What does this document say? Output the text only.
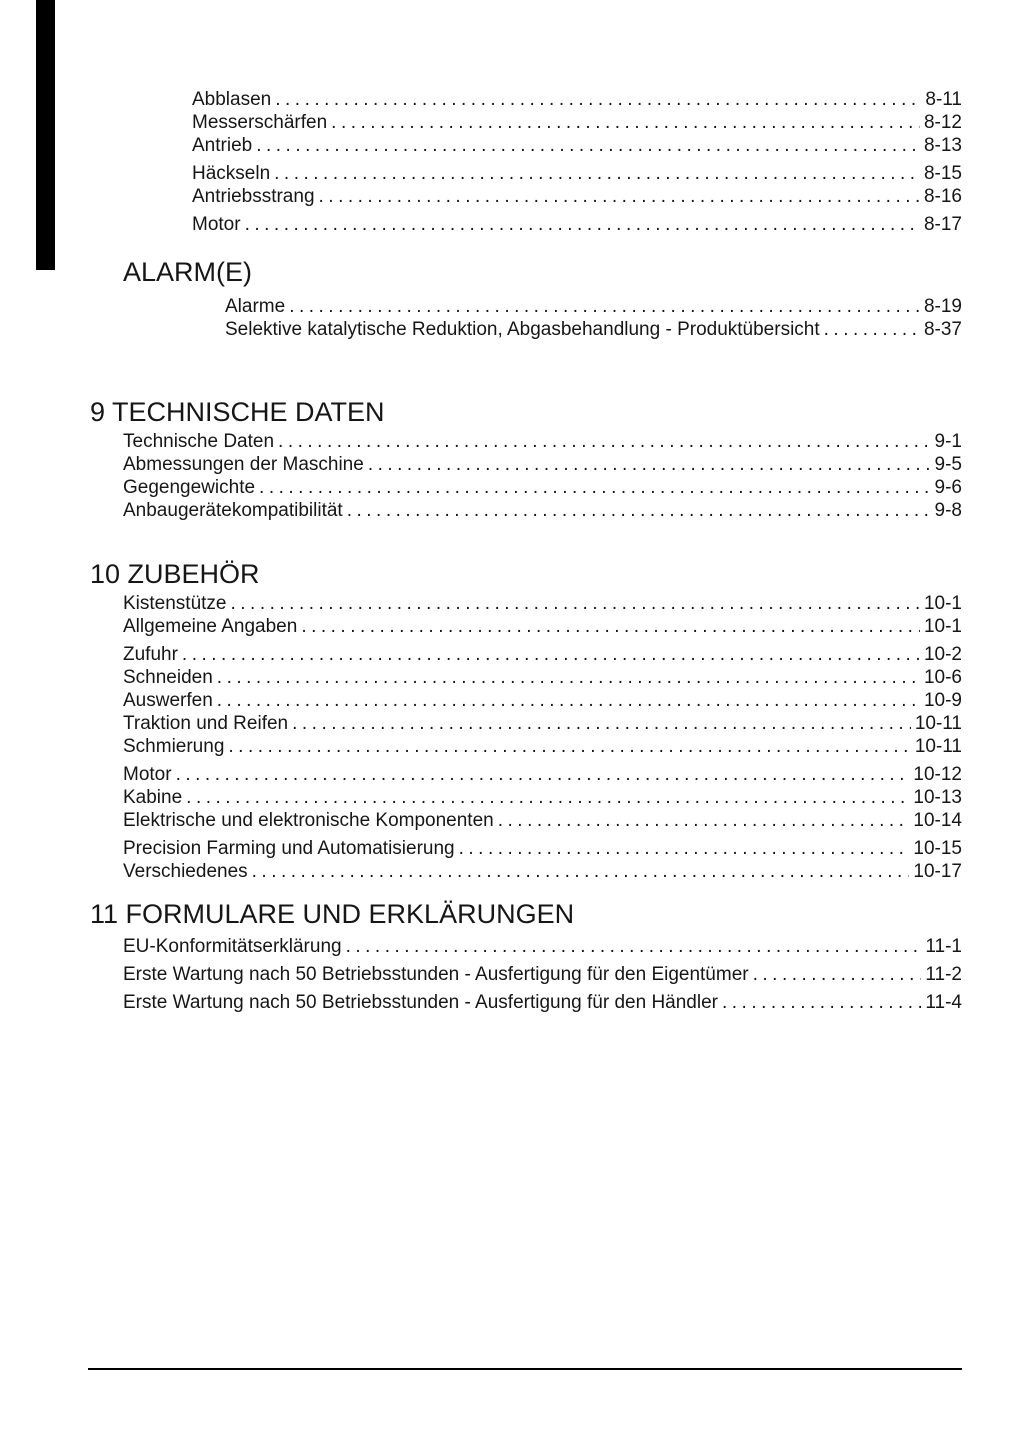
Abblasen .....	8-11
Messerschärfen .....	8-12
Antrieb .....	8-13
Häckseln .....	8-15
Antriebsstrang .....	8-16
Motor .....	8-17
ALARM(E)
Alarme .....	8-19
Selektive katalytische Reduktion, Abgasbehandlung - Produktübersicht .....	8-37
9 TECHNISCHE DATEN
Technische Daten .....	9-1
Abmessungen der Maschine .....	9-5
Gegengewichte .....	9-6
Anbaugerätekompatibilität .....	9-8
10 ZUBEHÖR
Kistenstütze .....	10-1
Allgemeine Angaben .....	10-1
Zufuhr .....	10-2
Schneiden .....	10-6
Auswerfen .....	10-9
Traktion und Reifen .....	10-11
Schmierung .....	10-11
Motor .....	10-12
Kabine .....	10-13
Elektrische und elektronische Komponenten .....	10-14
Precision Farming und Automatisierung .....	10-15
Verschiedenes .....	10-17
11 FORMULARE UND ERKLÄRUNGEN
EU-Konformitätserklärung .....	11-1
Erste Wartung nach 50 Betriebsstunden - Ausfertigung für den Eigentümer .....	11-2
Erste Wartung nach 50 Betriebsstunden - Ausfertigung für den Händler .....	11-4
